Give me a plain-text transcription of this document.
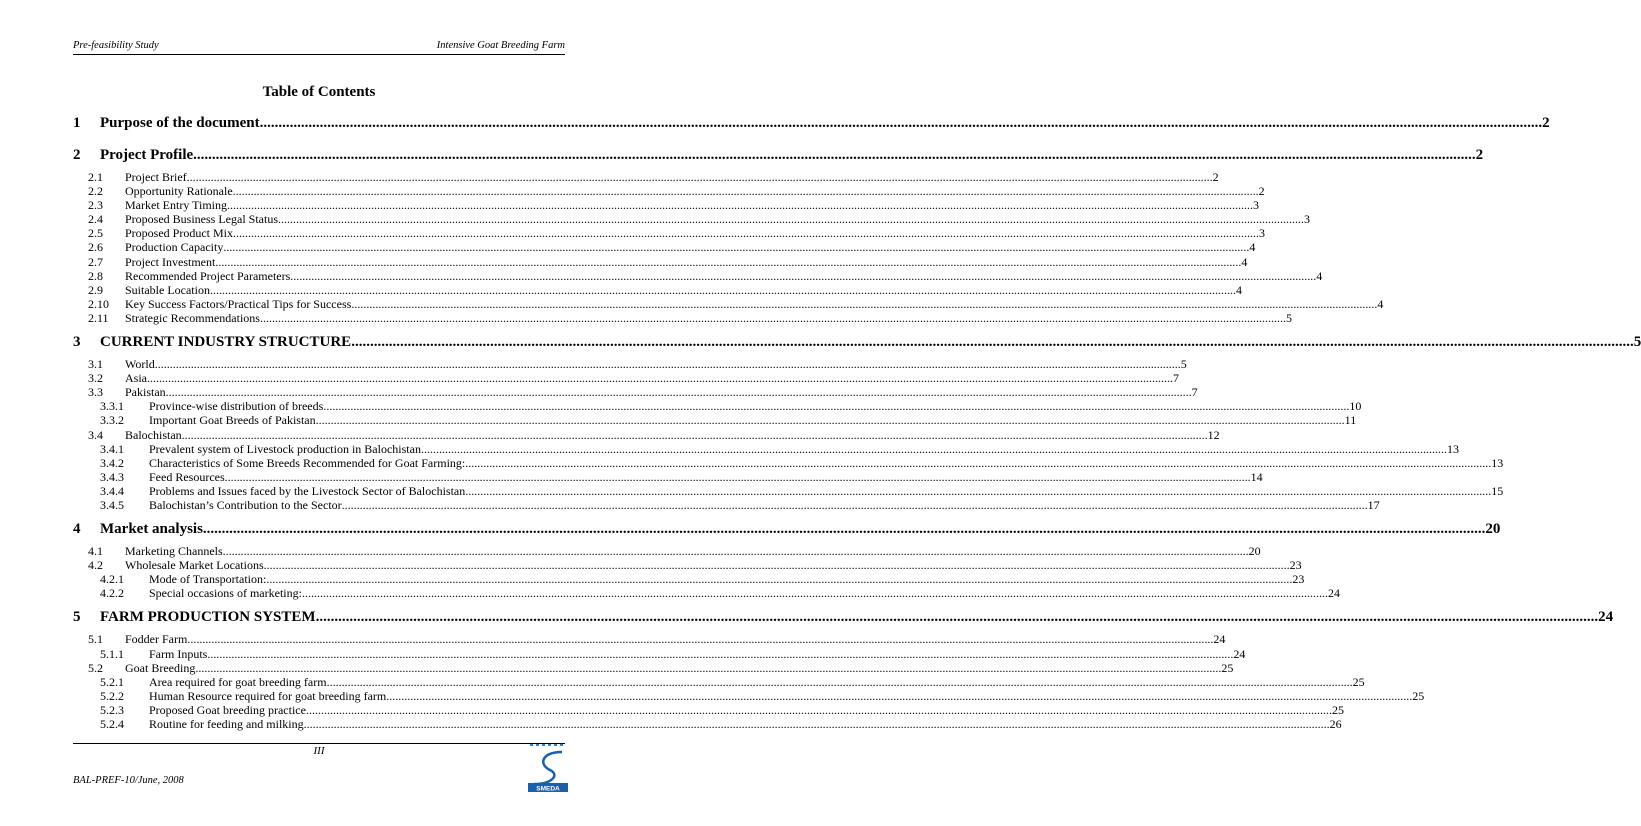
Pre-feasibility Study	Intensive Goat Breeding Farm
Table of Contents
1	Purpose of the document .....	2
2	Project Profile .....	2
2.1	Project Brief .....	2
2.2	Opportunity Rationale .....	2
2.3	Market Entry Timing .....	3
2.4	Proposed Business Legal Status .....	3
2.5	Proposed Product Mix .....	3
2.6	Production Capacity .....	4
2.7	Project Investment .....	4
2.8	Recommended Project Parameters .....	4
2.9	Suitable Location .....	4
2.10	Key Success Factors/Practical Tips for Success .....	4
2.11	Strategic Recommendations .....	5
3	CURRENT INDUSTRY STRUCTURE .....	5
3.1	World .....	5
3.2	Asia .....	7
3.3	Pakistan .....	7
3.3.1	Province-wise distribution of breeds .....	10
3.3.2	Important Goat Breeds of Pakistan. .....	11
3.4	Balochistan .....	12
3.4.1	Prevalent system of Livestock production in Balochistan .....	13
3.4.2	Characteristics of Some Breeds Recommended for Goat Farming: .....	13
3.4.3	Feed Resources .....	14
3.4.4	Problems and Issues faced by the Livestock Sector of Balochistan .....	15
3.4.5	Balochistan’s Contribution to the Sector .....	17
4	Market analysis .....	20
4.1	Marketing Channels .....	20
4.2	Wholesale Market Locations .....	23
4.2.1	Mode of Transportation: .....	23
4.2.2	Special occasions of marketing: .....	24
5	FARM PRODUCTION SYSTEM .....	24
5.1	Fodder Farm .....	24
5.1.1	Farm Inputs .....	24
5.2	Goat Breeding .....	25
5.2.1	Area required for goat breeding farm .....	25
5.2.2	Human Resource required for goat breeding farm .....	25
5.2.3	Proposed Goat breeding practice .....	25
5.2.4	Routine for feeding and milking .....	26
III
BAL-PREF-10/June, 2008
SMEDA
